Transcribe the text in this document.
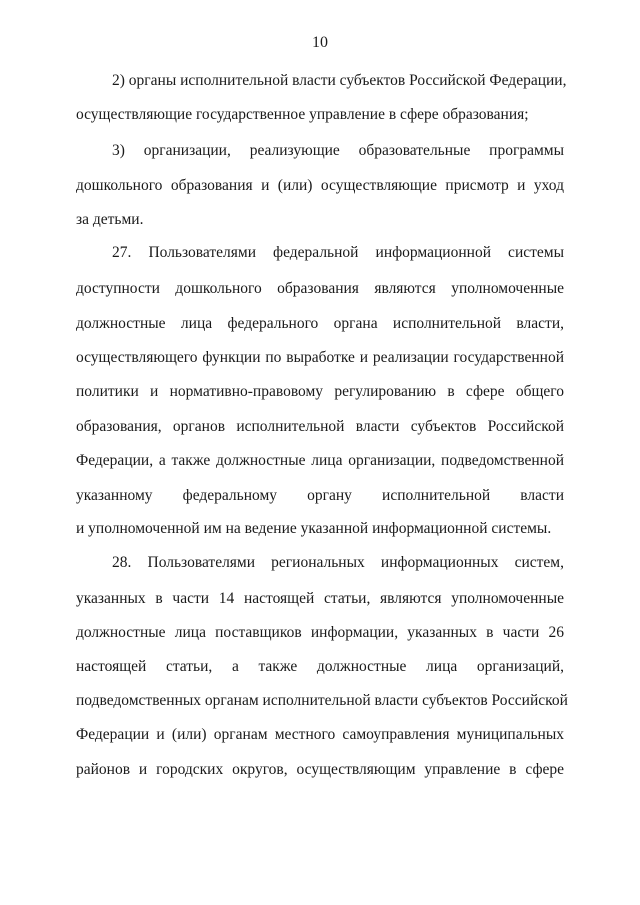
10
2) органы исполнительной власти субъектов Российской Федерации,
осуществляющие государственное управление в сфере образования;
3) организации, реализующие образовательные программы
дошкольного образования и (или) осуществляющие присмотр и уход
за детьми.
27. Пользователями федеральной информационной системы
доступности дошкольного образования являются уполномоченные
должностные лица федерального органа исполнительной власти,
осуществляющего функции по выработке и реализации государственной
политики и нормативно-правовому регулированию в сфере общего
образования, органов исполнительной власти субъектов Российской
Федерации, а также должностные лица организации, подведомственной
указанному федеральному органу исполнительной власти
и уполномоченной им на ведение указанной информационной системы.
28. Пользователями региональных информационных систем,
указанных в части 14 настоящей статьи, являются уполномоченные
должностные лица поставщиков информации, указанных в части 26
настоящей статьи, а также должностные лица организаций,
подведомственных органам исполнительной власти субъектов Российской
Федерации и (или) органам местного самоуправления муниципальных
районов и городских округов, осуществляющим управление в сфере
